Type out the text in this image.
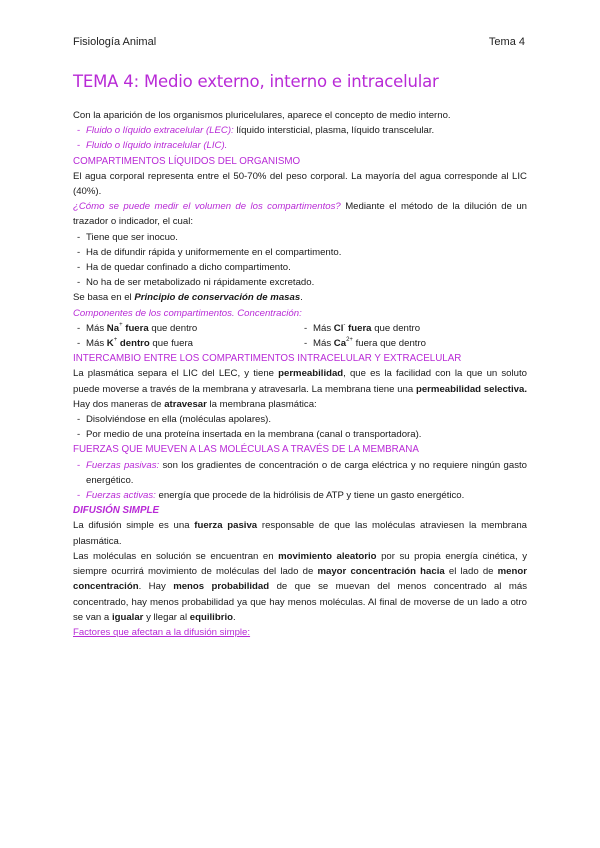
Fisiología Animal	Tema 4
TEMA 4: Medio externo, interno e intracelular

Con la aparición de los organismos pluricelulares, aparece el concepto de medio interno.

- Fluido o líquido extracelular (LEC): líquido intersticial, plasma, líquido transcelular.
- Fluido o líquido intracelular (LIC).

COMPARTIMENTOS LÍQUIDOS DEL ORGANISMO

El agua corporal representa entre el 50-70% del peso corporal. La mayoría del agua corresponde al LIC (40%).

¿Cómo se puede medir el volumen de los compartimentos? Mediante el método de la dilución de un trazador o indicador, el cual:

- Tiene que ser inocuo.
- Ha de difundir rápida y uniformemente en el compartimento.
- Ha de quedar confinado a dicho compartimento.
- No ha de ser metabolizado ni rápidamente excretado.

Se basa en el Principio de conservación de masas.

Componentes de los compartimentos. Concentración:

- Más Na+ fuera que dentro
- Más K+ dentro que fuera
- Más Cl- fuera que dentro
- Más $Ca^{2+}$ fuera que dentro

INTERCAMBIO ENTRE LOS COMPARTIMENTOS INTRACELULAR Y EXTRACELULAR

La plasmática separa el LIC del LEC, y tiene permeabilidad, que es la facilidad con la que un soluto puede moverse a través de la membrana y atravesarla. La membrana tiene una permeabilidad selectiva. Hay dos maneras de atravesar la membrana plasmática:

- Disolviéndose en ella (moléculas apolares).
- Por medio de una proteína insertada en la membrana (canal o transportadora).

FUERZAS QUE MUEVEN A LAS MOLÉCULAS A TRAVÉS DE LA MEMBRANA

- Fuerzas pasivas: son los gradientes de concentración o de carga eléctrica y no requiere ningún gasto energético.
- Fuerzas activas: energía que procede de la hidrólisis de ATP y tiene un gasto energético.

DIFUSIÓN SIMPLE

La difusión simple es una fuerza pasiva responsable de que las moléculas atraviesen la membrana plasmática.

Las moléculas en solución se encuentran en movimiento aleatorio por su propia energía cinética, y siempre ocurrirá movimiento de moléculas del lado de mayor concentración hacia el lado de menor concentración. Hay menos probabilidad de que se muevan del menos concentrado al más concentrado, hay menos probabilidad ya que hay menos moléculas. Al final de moverse de un lado a otro se van a igualar y llegar al equilibrio.

Factores que afectan a la difusión simple:
